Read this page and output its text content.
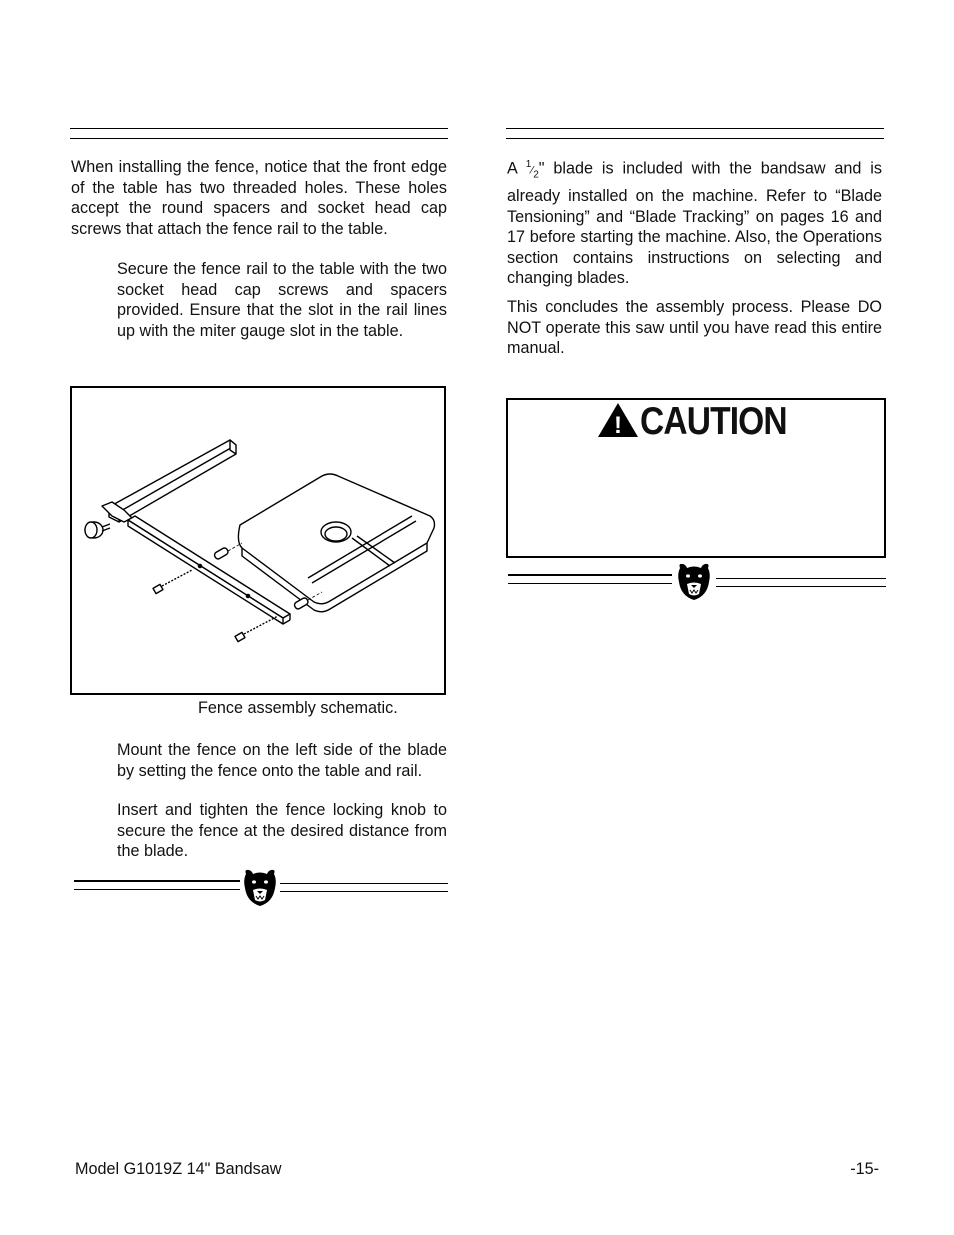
When installing the fence, notice that the front edge of the table has two threaded holes. These holes accept the round spacers and socket head cap screws that attach the fence rail to the table.

Secure the fence rail to the table with the two socket head cap screws and spacers provided. Ensure that the slot in the rail lines up with the miter gauge slot in the table.

Fence assembly schematic.

Mount the fence on the left side of the blade by setting the fence onto the table and rail.

Insert and tighten the fence locking knob to secure the fence at the desired distance from the blade.

A $^1⁄_2$" blade is included with the bandsaw and is already installed on the machine. Refer to “Blade Tensioning” and “Blade Tracking” on pages 16 and 17 before starting the machine. Also, the Operations section contains instructions on selecting and changing blades.

This concludes the assembly process. Please DO NOT operate this saw until you have read this entire manual.

! CAUTION
Model G1019Z 14" Bandsaw	-15-
